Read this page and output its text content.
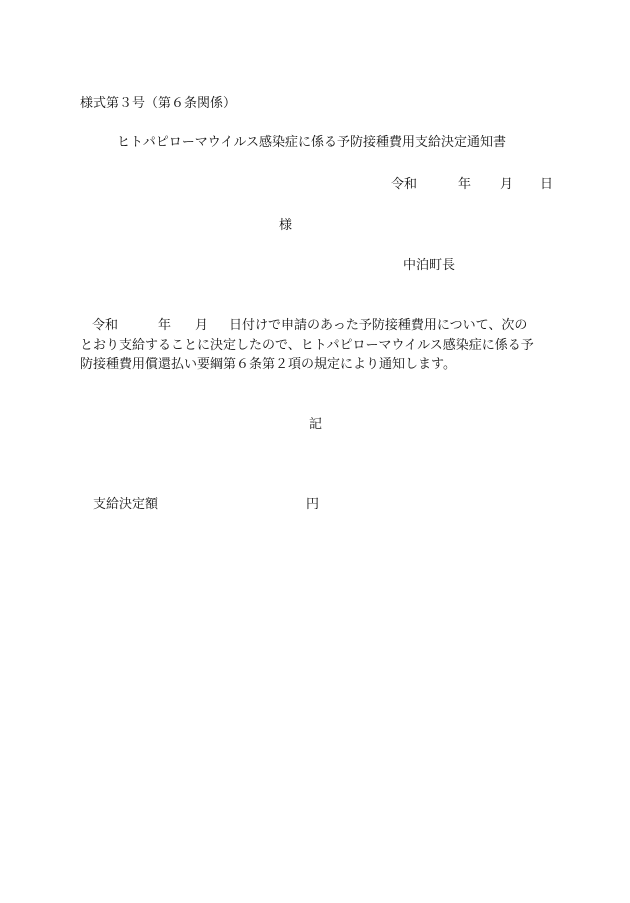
様式第３号（第６条関係）
ヒトパピローマウイルス感染症に係る予防接種費用支給決定通知書
令和	年 月 日
様
中泊町長
令和	年 月 日付けで申請のあった予防接種費用について、次の
とおり支給することに決定したので、ヒトパピローマウイルス感染症に係る予
防接種費用償還払い要綱第６条第２項の規定により通知します。
記
支給決定額	円
